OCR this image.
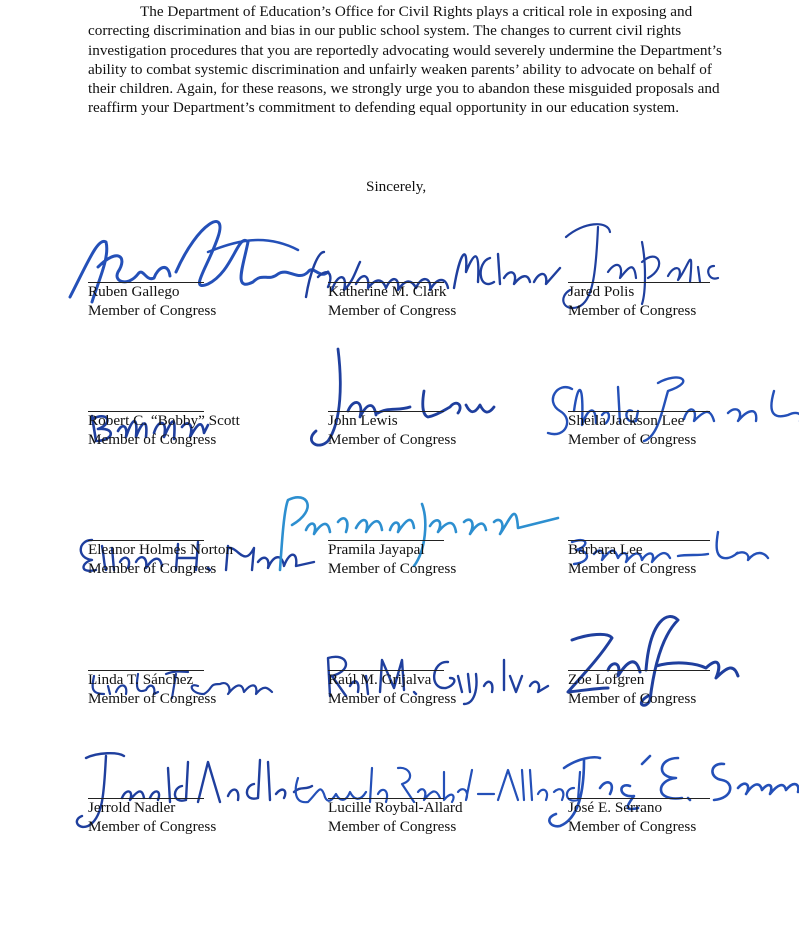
The Department of Education’s Office for Civil Rights plays a critical role in exposing and correcting discrimination and bias in our public school system. The changes to current civil rights investigation procedures that you are reportedly advocating would severely undermine the Department’s ability to combat systemic discrimination and unfairly weaken parents’ ability to advocate on behalf of their children. Again, for these reasons, we strongly urge you to abandon these misguided proposals and reaffirm your Department’s commitment to defending equal opportunity in our education system.

Sincerely,

Ruben Gallego
Member of Congress
Katherine M. Clark
Member of Congress
Jared Polis
Member of Congress
Robert C. “Bobby” Scott
Member of Congress
John Lewis
Member of Congress
Sheila Jackson Lee
Member of Congress
Eleanor Holmes Norton
Member of Congress
Pramila Jayapal
Member of Congress
Barbara Lee
Member of Congress
Linda T. Sánchez
Member of Congress
Raúl M. Grijalva
Member of Congress
Zoe Lofgren
Member of Congress
Jerrold Nadler
Member of Congress
Lucille Roybal-Allard
Member of Congress
José E. Serrano
Member of Congress
